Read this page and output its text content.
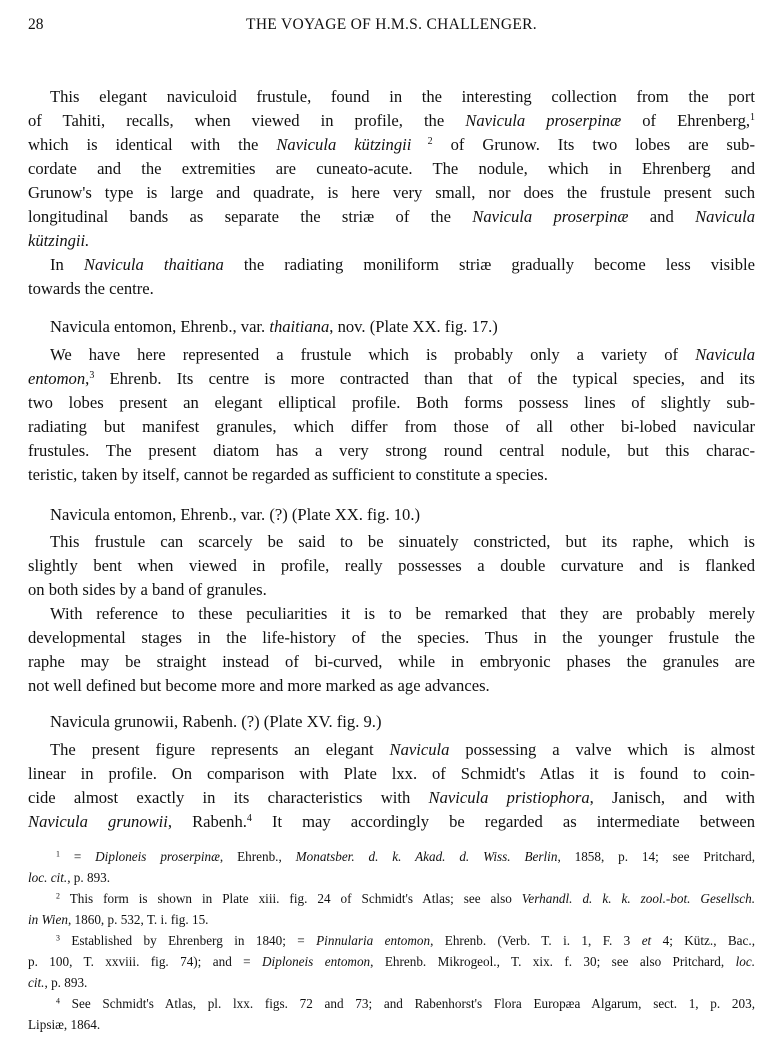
28	THE VOYAGE OF H.M.S. CHALLENGER.
This elegant naviculoid frustule, found in the interesting collection from the port
of Tahiti, recalls, when viewed in profile, the Navicula proserpinæ of Ehrenberg,$^1$
which is identical with the Navicula kützingii $^2$ of Grunow. Its two lobes are sub-
cordate and the extremities are cuneato-acute. The nodule, which in Ehrenberg and
Grunow's type is large and quadrate, is here very small, nor does the frustule present such
longitudinal bands as separate the striæ of the Navicula proserpinæ and Navicula
kützingii.
In Navicula thaitiana the radiating moniliform striæ gradually become less visible
towards the centre.
Navicula entomon, Ehrenb., var. thaitiana, nov. (Plate XX. fig. 17.)
We have here represented a frustule which is probably only a variety of Navicula
entomon,$^3$ Ehrenb. Its centre is more contracted than that of the typical species, and its
two lobes present an elegant elliptical profile. Both forms possess lines of slightly sub-
radiating but manifest granules, which differ from those of all other bi-lobed navicular
frustules. The present diatom has a very strong round central nodule, but this charac-
teristic, taken by itself, cannot be regarded as sufficient to constitute a species.
Navicula entomon, Ehrenb., var. (?) (Plate XX. fig. 10.)
This frustule can scarcely be said to be sinuately constricted, but its raphe, which is
slightly bent when viewed in profile, really possesses a double curvature and is flanked
on both sides by a band of granules.
With reference to these peculiarities it is to be remarked that they are probably merely
developmental stages in the life-history of the species. Thus in the younger frustule the
raphe may be straight instead of bi-curved, while in embryonic phases the granules are
not well defined but become more and more marked as age advances.
Navicula grunowii, Rabenh. (?) (Plate XV. fig. 9.)
The present figure represents an elegant Navicula possessing a valve which is almost
linear in profile. On comparison with Plate lxx. of Schmidt's Atlas it is found to coin-
cide almost exactly in its characteristics with Navicula pristiophora, Janisch, and with
Navicula grunowii, Rabenh.$^4$ It may accordingly be regarded as intermediate between
$^1$ = Diploneis proserpinæ, Ehrenb., Monatsber. d. k. Akad. d. Wiss. Berlin, 1858, p. 14; see Pritchard,
loc. cit., p. 893.
$^2$ This form is shown in Plate xiii. fig. 24 of Schmidt's Atlas; see also Verhandl. d. k. k. zool.-bot. Gesellsch.
in Wien, 1860, p. 532, T. i. fig. 15.
$^3$ Established by Ehrenberg in 1840; = Pinnularia entomon, Ehrenb. (Verb. T. i. 1, F. 3 et 4; Kütz., Bac.,
p. 100, T. xxviii. fig. 74); and = Diploneis entomon, Ehrenb. Mikrogeol., T. xix. f. 30; see also Pritchard, loc.
cit., p. 893.
$^4$ See Schmidt's Atlas, pl. lxx. figs. 72 and 73; and Rabenhorst's Flora Europæa Algarum, sect. 1, p. 203,
Lipsiæ, 1864.
